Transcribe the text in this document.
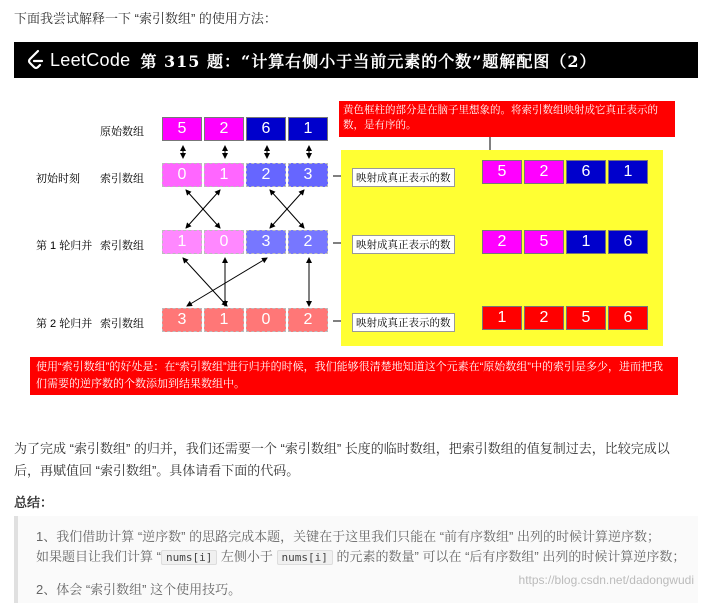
下面我尝试解释一下 “索引数组” 的使用方法：
LeetCode 第 315 题：“计算右侧小于当前元素的个数”题解配图（2）
黄色框柱的部分是在脑子里想象的。将索引数组映射成它真正表示的数，是有序的。
原始数组
初始时刻 索引数组
第 1 轮归并 索引数组
第 2 轮归并 索引数组
5	2	6	1
0	1	2	3
1	0	3	2
3	1	0	2
映射成真正表示的数
映射成真正表示的数
映射成真正表示的数
5	2	6	1
2	5	1	6
1	2	5	6
使用“索引数组”的好处是：在“索引数组”进行归并的时候，我们能够很清楚地知道这个元素在“原始数组”中的索引是多少，进而把我们需要的逆序数的个数添加到结果数组中。
为了完成 “索引数组” 的归并，我们还需要一个 “索引数组” 长度的临时数组，把索引数组的值复制过去，比较完成以后，再赋值回 “索引数组”。具体请看下面的代码。
总结：
1、我们借助计算 “逆序数” 的思路完成本题，关键在于这里我们只能在 “前有序数组” 出列的时候计算逆序数；
如果题目让我们计算 “ nums[i] 左侧小于 nums[i] 的元素的数量” 可以在 “后有序数组” 出列的时候计算逆序数；
2、体会 “索引数组” 这个使用技巧。
https://blog.csdn.net/dadongwudi
